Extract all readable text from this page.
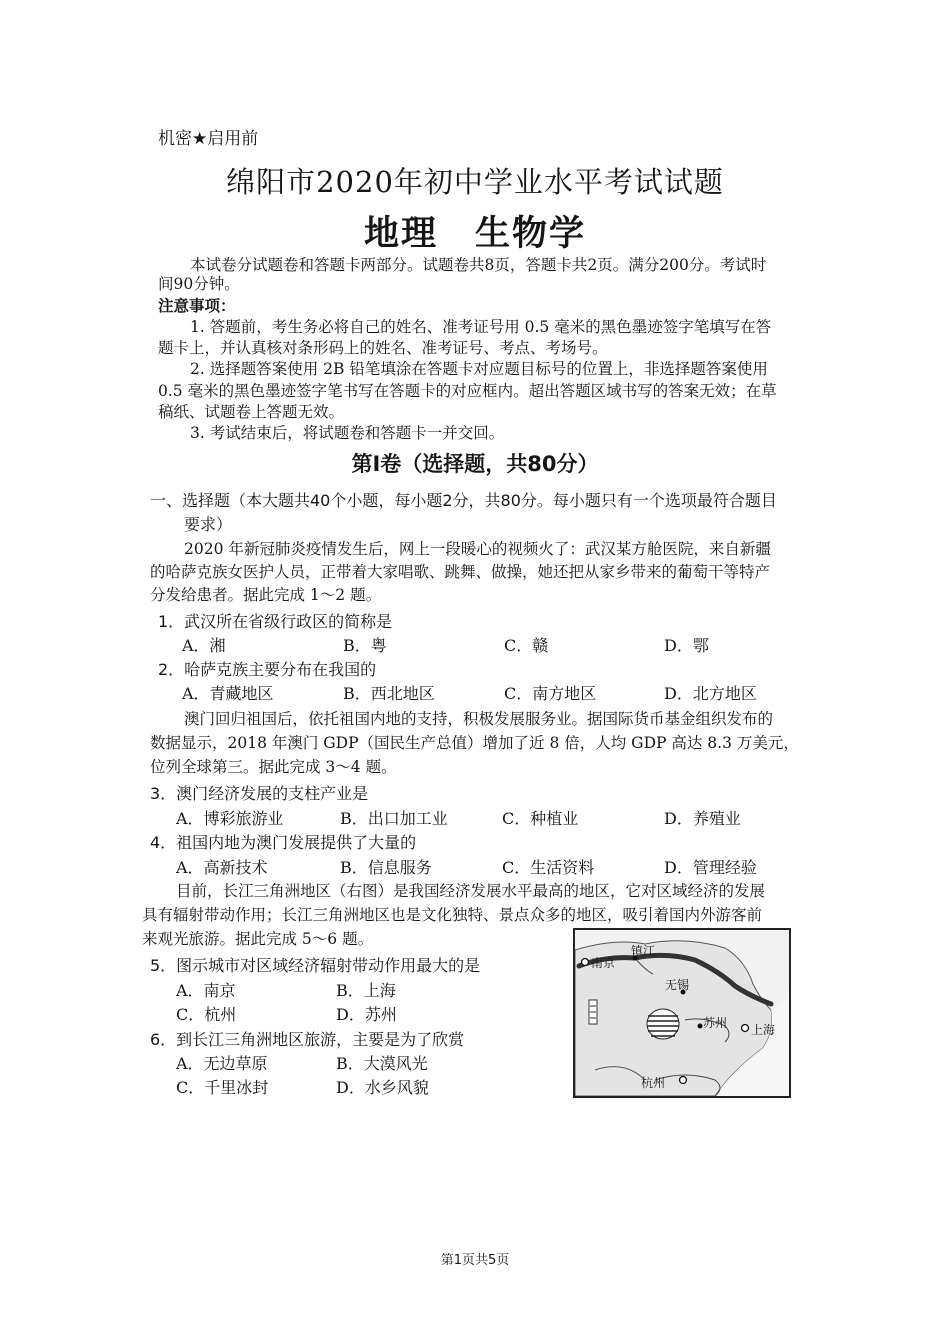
机密★启用前
绵阳市2020年初中学业水平考试试题
地理　生物学
本试卷分试题卷和答题卡两部分。试题卷共8页，答题卡共2页。满分200分。考试时
间90分钟。
注意事项：
1. 答题前，考生务必将自己的姓名、准考证号用 0.5 毫米的黑色墨迹签字笔填写在答
题卡上，并认真核对条形码上的姓名、准考证号、考点、考场号。
2. 选择题答案使用 2B 铅笔填涂在答题卡对应题目标号的位置上，非选择题答案使用
0.5 毫米的黑色墨迹签字笔书写在答题卡的对应框内。超出答题区域书写的答案无效；在草
稿纸、试题卷上答题无效。
3. 考试结束后，将试题卷和答题卡一并交回。
第Ⅰ卷（选择题，共80分）
一、选择题（本大题共40个小题，每小题2分，共80分。每小题只有一个选项最符合题目
要求）
2020 年新冠肺炎疫情发生后，网上一段暖心的视频火了：武汉某方舱医院，来自新疆
的哈萨克族女医护人员，正带着大家唱歌、跳舞、做操，她还把从家乡带来的葡萄干等特产
分发给患者。据此完成 1～2 题。
1．武汉所在省级行政区的简称是
A．湘	B．粤	C．赣	D．鄂
2．哈萨克族主要分布在我国的
A．青藏地区	B．西北地区	C．南方地区	D．北方地区
澳门回归祖国后，依托祖国内地的支持，积极发展服务业。据国际货币基金组织发布的
数据显示，2018 年澳门 GDP（国民生产总值）增加了近 8 倍，人均 GDP 高达 8.3 万美元，
位列全球第三。据此完成 3～4 题。
3．澳门经济发展的支柱产业是
A．博彩旅游业	B．出口加工业	C．种植业	D．养殖业
4．祖国内地为澳门发展提供了大量的
A．高新技术	B．信息服务	C．生活资料	D．管理经验
目前，长江三角洲地区（右图）是我国经济发展水平最高的地区，它对区域经济的发展
具有辐射带动作用；长江三角洲地区也是文化独特、景点众多的地区，吸引着国内外游客前
来观光旅游。据此完成 5～6 题。
5．图示城市对区域经济辐射带动作用最大的是
A．南京	B．上海
C．杭州	D．苏州
6．到长江三角洲地区旅游，主要是为了欣赏
A．无边草原	B．大漠风光
C．千里冰封	D．水乡风貌
南京
镇江
无锡
苏州 上海
杭州
第1页共5页
